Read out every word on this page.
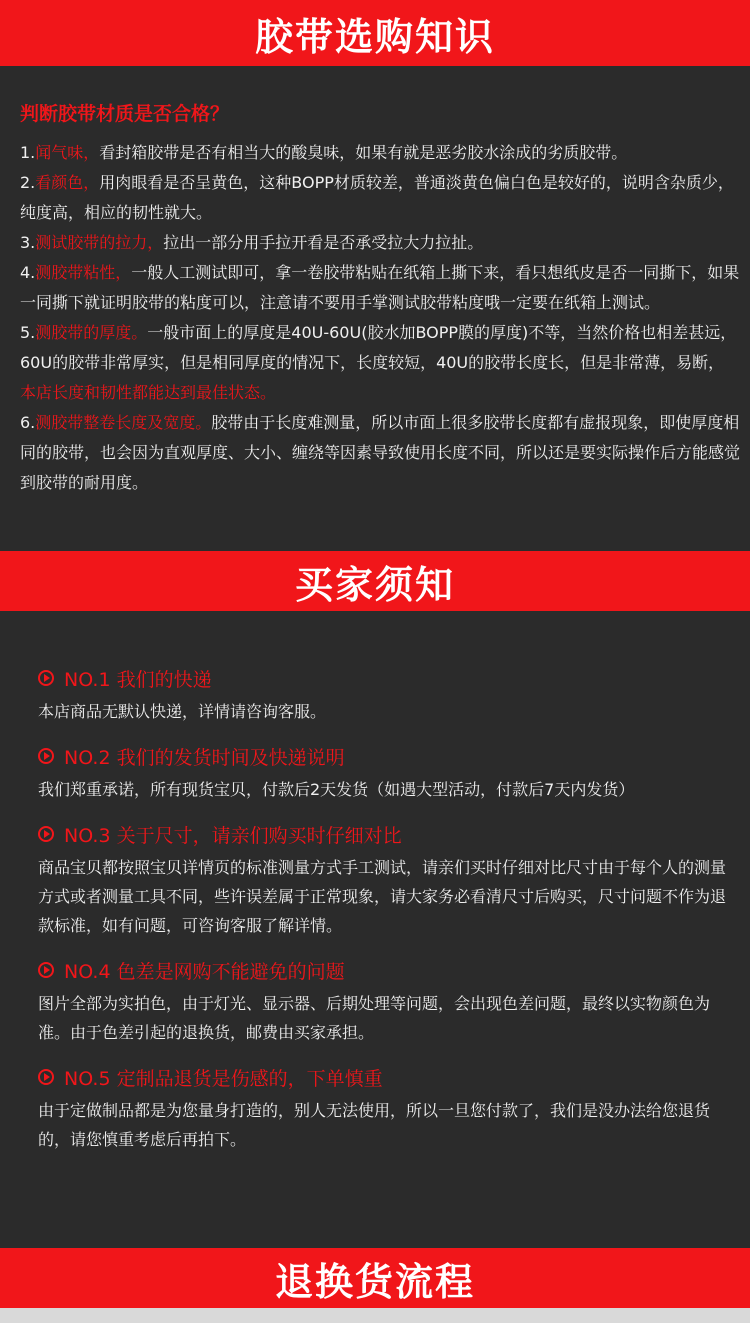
胶带选购知识

判断胶带材质是否合格？

1.闻气味，看封箱胶带是否有相当大的酸臭味，如果有就是恶劣胶水涂成的劣质胶带。

2.看颜色，用肉眼看是否呈黄色，这种BOPP材质较差，普通淡黄色偏白色是较好的，说明含杂质少，纯度高，相应的韧性就大。

3.测试胶带的拉力，拉出一部分用手拉开看是否承受拉大力拉扯。

4.测胶带粘性，一般人工测试即可，拿一卷胶带粘贴在纸箱上撕下来，看只想纸皮是否一同撕下，如果一同撕下就证明胶带的粘度可以，注意请不要用手掌测试胶带粘度哦一定要在纸箱上测试。

5.测胶带的厚度。一般市面上的厚度是40U-60U(胶水加BOPP膜的厚度)不等，当然价格也相差甚远，60U的胶带非常厚实，但是相同厚度的情况下，长度较短，40U的胶带长度长，但是非常薄，易断，本店长度和韧性都能达到最佳状态。

6.测胶带整卷长度及宽度。胶带由于长度难测量，所以市面上很多胶带长度都有虚报现象，即使厚度相同的胶带，也会因为直观厚度、大小、缠绕等因素导致使用长度不同，所以还是要实际操作后方能感觉到胶带的耐用度。

买家须知
NO.1 我们的快递

本店商品无默认快递，详情请咨询客服。

NO.2 我们的发货时间及快递说明

我们郑重承诺，所有现货宝贝，付款后2天发货（如遇大型活动，付款后7天内发货）

NO.3 关于尺寸，请亲们购买时仔细对比

商品宝贝都按照宝贝详情页的标准测量方式手工测试，请亲们买时仔细对比尺寸由于每个人的测量方式或者测量工具不同，些许误差属于正常现象，请大家务必看清尺寸后购买，尺寸问题不作为退款标准，如有问题，可咨询客服了解详情。

NO.4 色差是网购不能避免的问题

图片全部为实拍色，由于灯光、显示器、后期处理等问题，会出现色差问题，最终以实物颜色为准。由于色差引起的退换货，邮费由买家承担。

NO.5 定制品退货是伤感的，下单慎重

由于定做制品都是为您量身打造的，别人无法使用，所以一旦您付款了，我们是没办法给您退货的，请您慎重考虑后再拍下。

退换货流程
